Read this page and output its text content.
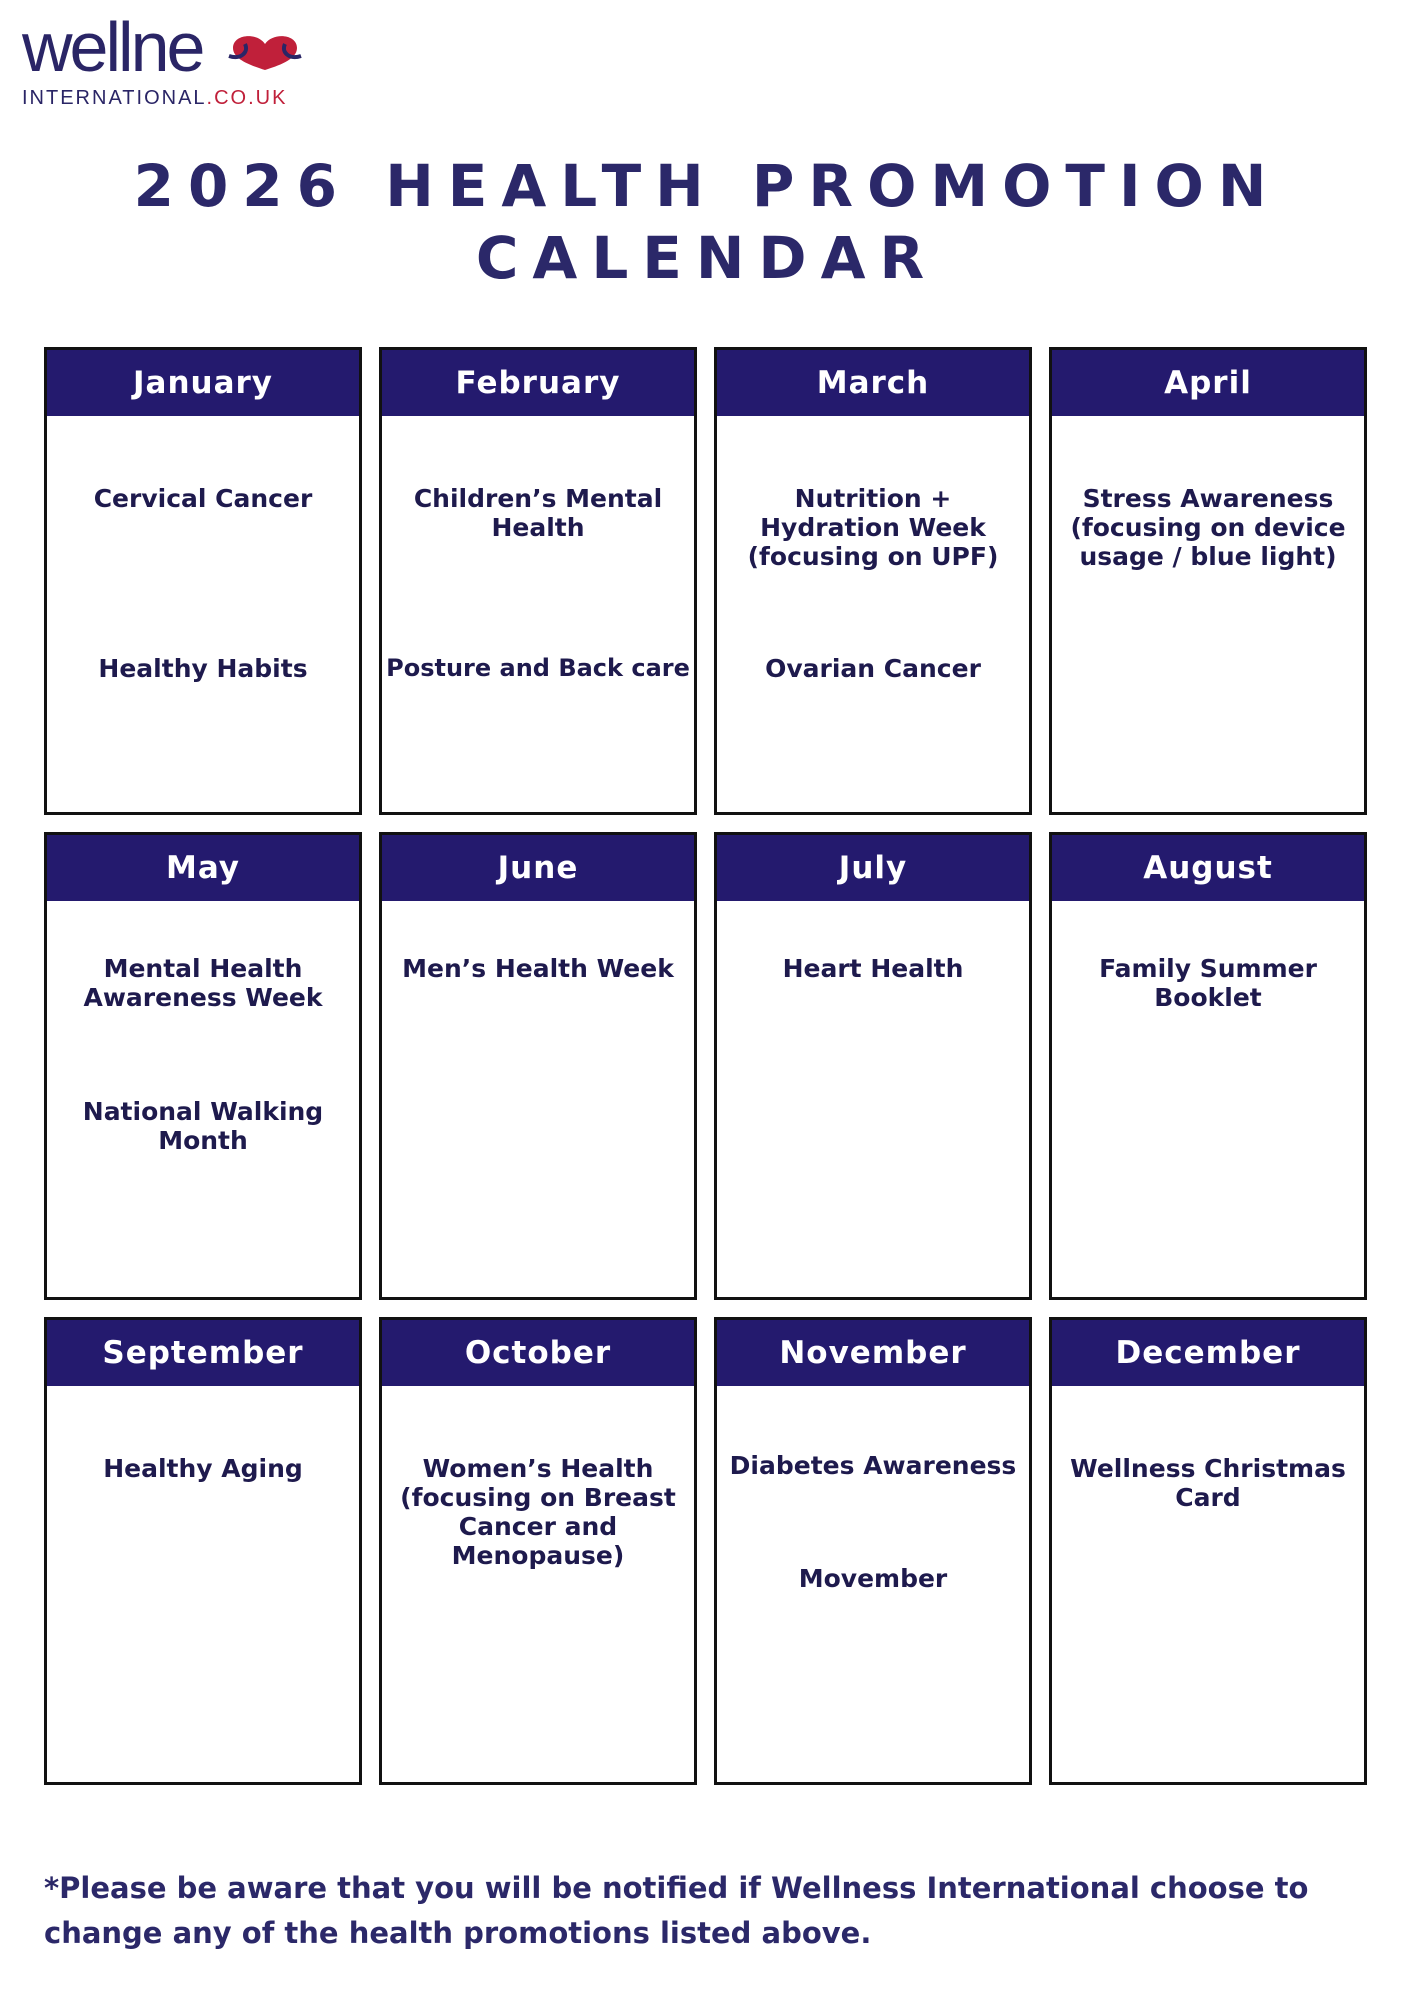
wellne
INTERNATIONAL.CO.UK
2026 HEALTH PROMOTION
CALENDAR
January
Cervical Cancer
Healthy Habits
February
Children’s Mental Health
Posture and Back care
March
Nutrition + Hydration Week (focusing on UPF)
Ovarian Cancer
April
Stress Awareness (focusing on device usage / blue light)
May
Mental Health Awareness Week
National Walking Month
June
Men’s Health Week
July
Heart Health
August
Family Summer Booklet
September
Healthy Aging
October
Women’s Health (focusing on Breast Cancer and Menopause)
November
Diabetes Awareness
Movember
December
Wellness Christmas Card
*Please be aware that you will be notified if Wellness International choose to change any of the health promotions listed above.
